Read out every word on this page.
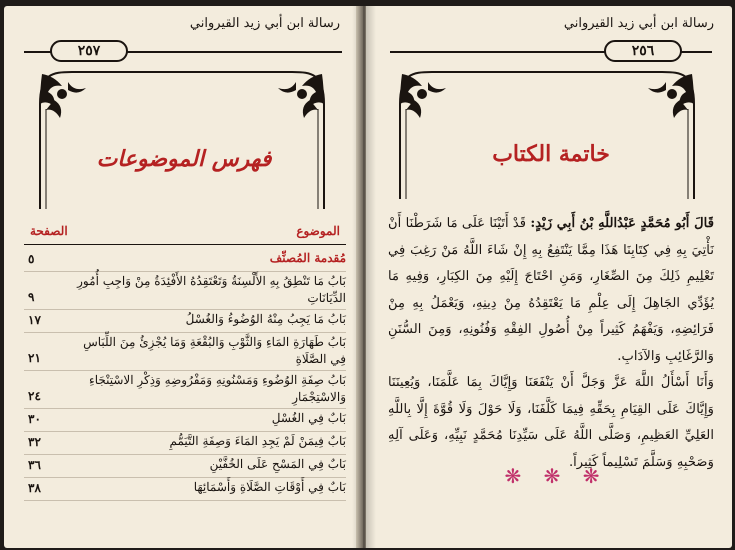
رسالة ابن أبي زيد القيرواني
٢٥٧
فهرس الموضوعات
الموضوع
الصفحة
مُقدمة المُصنِّف
٥
بَابُ مَا تَنْطِقُ بِهِ الأَلْسِنَةُ وَتَعْتَقِدُهُ الأَفْئِدَةُ مِنْ وَاجِبِ أُمُورِ الدِّيَانَاتِ
٩
بَابُ مَا يَجِبُ مِنْهُ الوُضُوءُ وَالغُسْلُ
١٧
بَابُ طَهَارَةِ المَاءِ وَالثَّوْبِ وَالبُقْعَةِ وَمَا يُجْزِئُ مِنَ اللِّبَاسِ فِي الصَّلَاةِ
٢١
بَابُ صِفَةِ الوُضُوءِ وَمَسْنُونِهِ وَمَفْرُوضِهِ وَذِكْرِ الاسْتِنْجَاءِ وَالاسْتِجْمَارِ
٢٤
بَابٌ فِي الغُسْلِ
٣٠
بَابٌ فِيمَنْ لَمْ يَجِدِ المَاءَ وَصِفَةِ التَّيَمُّمِ
٣٢
بَابٌ فِي المَسْحِ عَلَى الخُفَّيْنِ
٣٦
بَابٌ فِي أَوْقَاتِ الصَّلَاةِ وَأَسْمَائِهَا
٣٨
رسالة ابن أبي زيد القيرواني
٢٥٦
خاتمة الكتاب

قَالَ أَبُو مُحَمَّدٍ عَبْدُاللَّهِ بْنُ أَبِي زَيْدٍ: قَدْ أَتَيْنَا عَلَى مَا شَرَطْنَا أَنْ نَأْتِيَ بِهِ فِي كِتَابِنَا هَذَا مِمَّا يَنْتَفِعُ بِهِ إِنْ شَاءَ اللَّهُ مَنْ رَغِبَ فِي تَعْلِيمِ ذَلِكَ مِنَ الصِّغَارِ، وَمَنِ احْتَاجَ إِلَيْهِ مِنَ الكِبَارِ، وَفِيهِ مَا يُؤَدِّي الجَاهِلَ إِلَى عِلْمِ مَا يَعْتَقِدُهُ مِنْ دِينِهِ، وَيَعْمَلُ بِهِ مِنْ فَرَائِضِهِ، وَيَفْهَمُ كَثِيراً مِنْ أُصُولِ الفِقْهِ وَفُنُونِهِ، وَمِنَ السُّنَنِ وَالرَّغَائِبِ وَالآدَابِ.

وَأَنَا أَسْأَلُ اللَّهَ عَزَّ وَجَلَّ أَنْ يَنْفَعَنَا وَإِيَّاكَ بِمَا عَلَّمَنَا، وَيُعِينَنَا وَإِيَّاكَ عَلَى القِيَامِ بِحَقِّهِ فِيمَا كَلَّفَنَا، وَلَا حَوْلَ وَلَا قُوَّةَ إِلَّا بِاللَّهِ العَلِيِّ العَظِيمِ، وَصَلَّى اللَّهُ عَلَى سَيِّدِنَا مُحَمَّدٍ نَبِيِّهِ، وَعَلَى آلِهِ وَصَحْبِهِ وَسَلَّمَ تَسْلِيماً كَثِيراً.

❋ ❋ ❋
